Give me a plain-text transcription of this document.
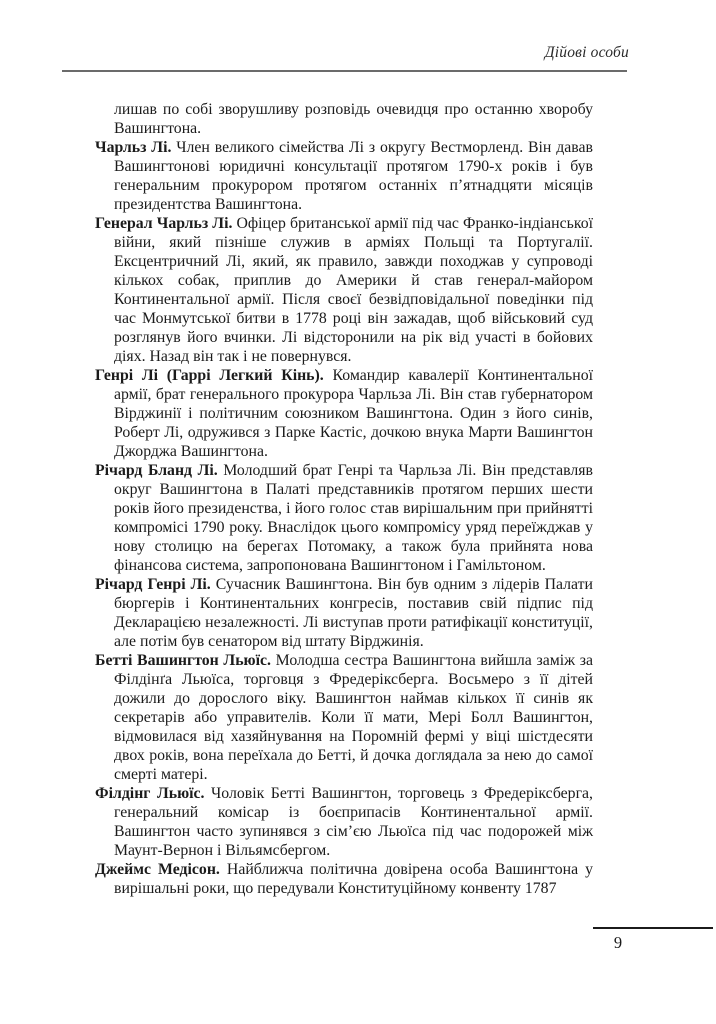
Дійові особи

лишав по собі зворушливу розповідь очевидця про останню хворобу Вашингтона.

Чарльз Лі. Член великого сімейства Лі з округу Вестморленд. Він давав Вашингтонові юридичні консультації протягом 1790-х років і був генеральним прокурором протягом останніх п’ятнадцяти місяців президентства Вашингтона.

Генерал Чарльз Лі. Офіцер британської армії під час Франко-індіанської війни, який пізніше служив в арміях Польщі та Португалії. Ексцентричний Лі, який, як правило, завжди походжав у супроводі кількох собак, приплив до Америки й став генерал-майором Континентальної армії. Після своєї безвідповідальної поведінки під час Монмутської битви в 1778 році він зажадав, щоб військовий суд розглянув його вчинки. Лі відсторонили на рік від участі в бойових діях. Назад він так і не повернувся.

Генрі Лі (Гаррі Легкий Кінь). Командир кавалерії Континентальної армії, брат генерального прокурора Чарльза Лі. Він став губернатором Вірджинії і політичним союзником Вашингтона. Один з його синів, Роберт Лі, одружився з Парке Кастіс, дочкою внука Марти Вашингтон Джорджа Вашингтона.

Річард Бланд Лі. Молодший брат Генрі та Чарльза Лі. Він представляв округ Вашингтона в Палаті представників протягом перших шести років його президенства, і його голос став вирішальним при прийнятті компромісі 1790 року. Внаслідок цього компромісу уряд переїжджав у нову столицю на берегах Потомаку, а також була прийнята нова фінансова система, запропонована Вашингтоном і Гамільтоном.

Річард Генрі Лі. Сучасник Вашингтона. Він був одним з лідерів Палати бюргерів і Континентальних конгресів, поставив свій підпис під Декларацією незалежності. Лі виступав проти ратифікації конституції, але потім був сенатором від штату Вірджинія.

Бетті Вашингтон Льюїс. Молодша сестра Вашингтона вийшла заміж за Філдінґа Льюїса, торговця з Фредеріксберга. Восьмеро з її дітей дожили до дорослого віку. Вашингтон наймав кількох її синів як секретарів або управителів. Коли її мати, Мері Болл Вашингтон, відмовилася від хазяйнування на Поромній фермі у віці шістдесяти двох років, вона переїхала до Бетті, й дочка доглядала за нею до самої смерті матері.

Філдінг Льюїс. Чоловік Бетті Вашингтон, торговець з Фредеріксберга, генеральний комісар із боєприпасів Континентальної армії. Вашингтон часто зупинявся з сім’єю Льюїса під час подорожей між Маунт-Вернон і Вільямсбергом.

Джеймс Медісон. Найближча політична довірена особа Вашингтона у вирішальні роки, що передували Конституційному конвенту 1787

9
